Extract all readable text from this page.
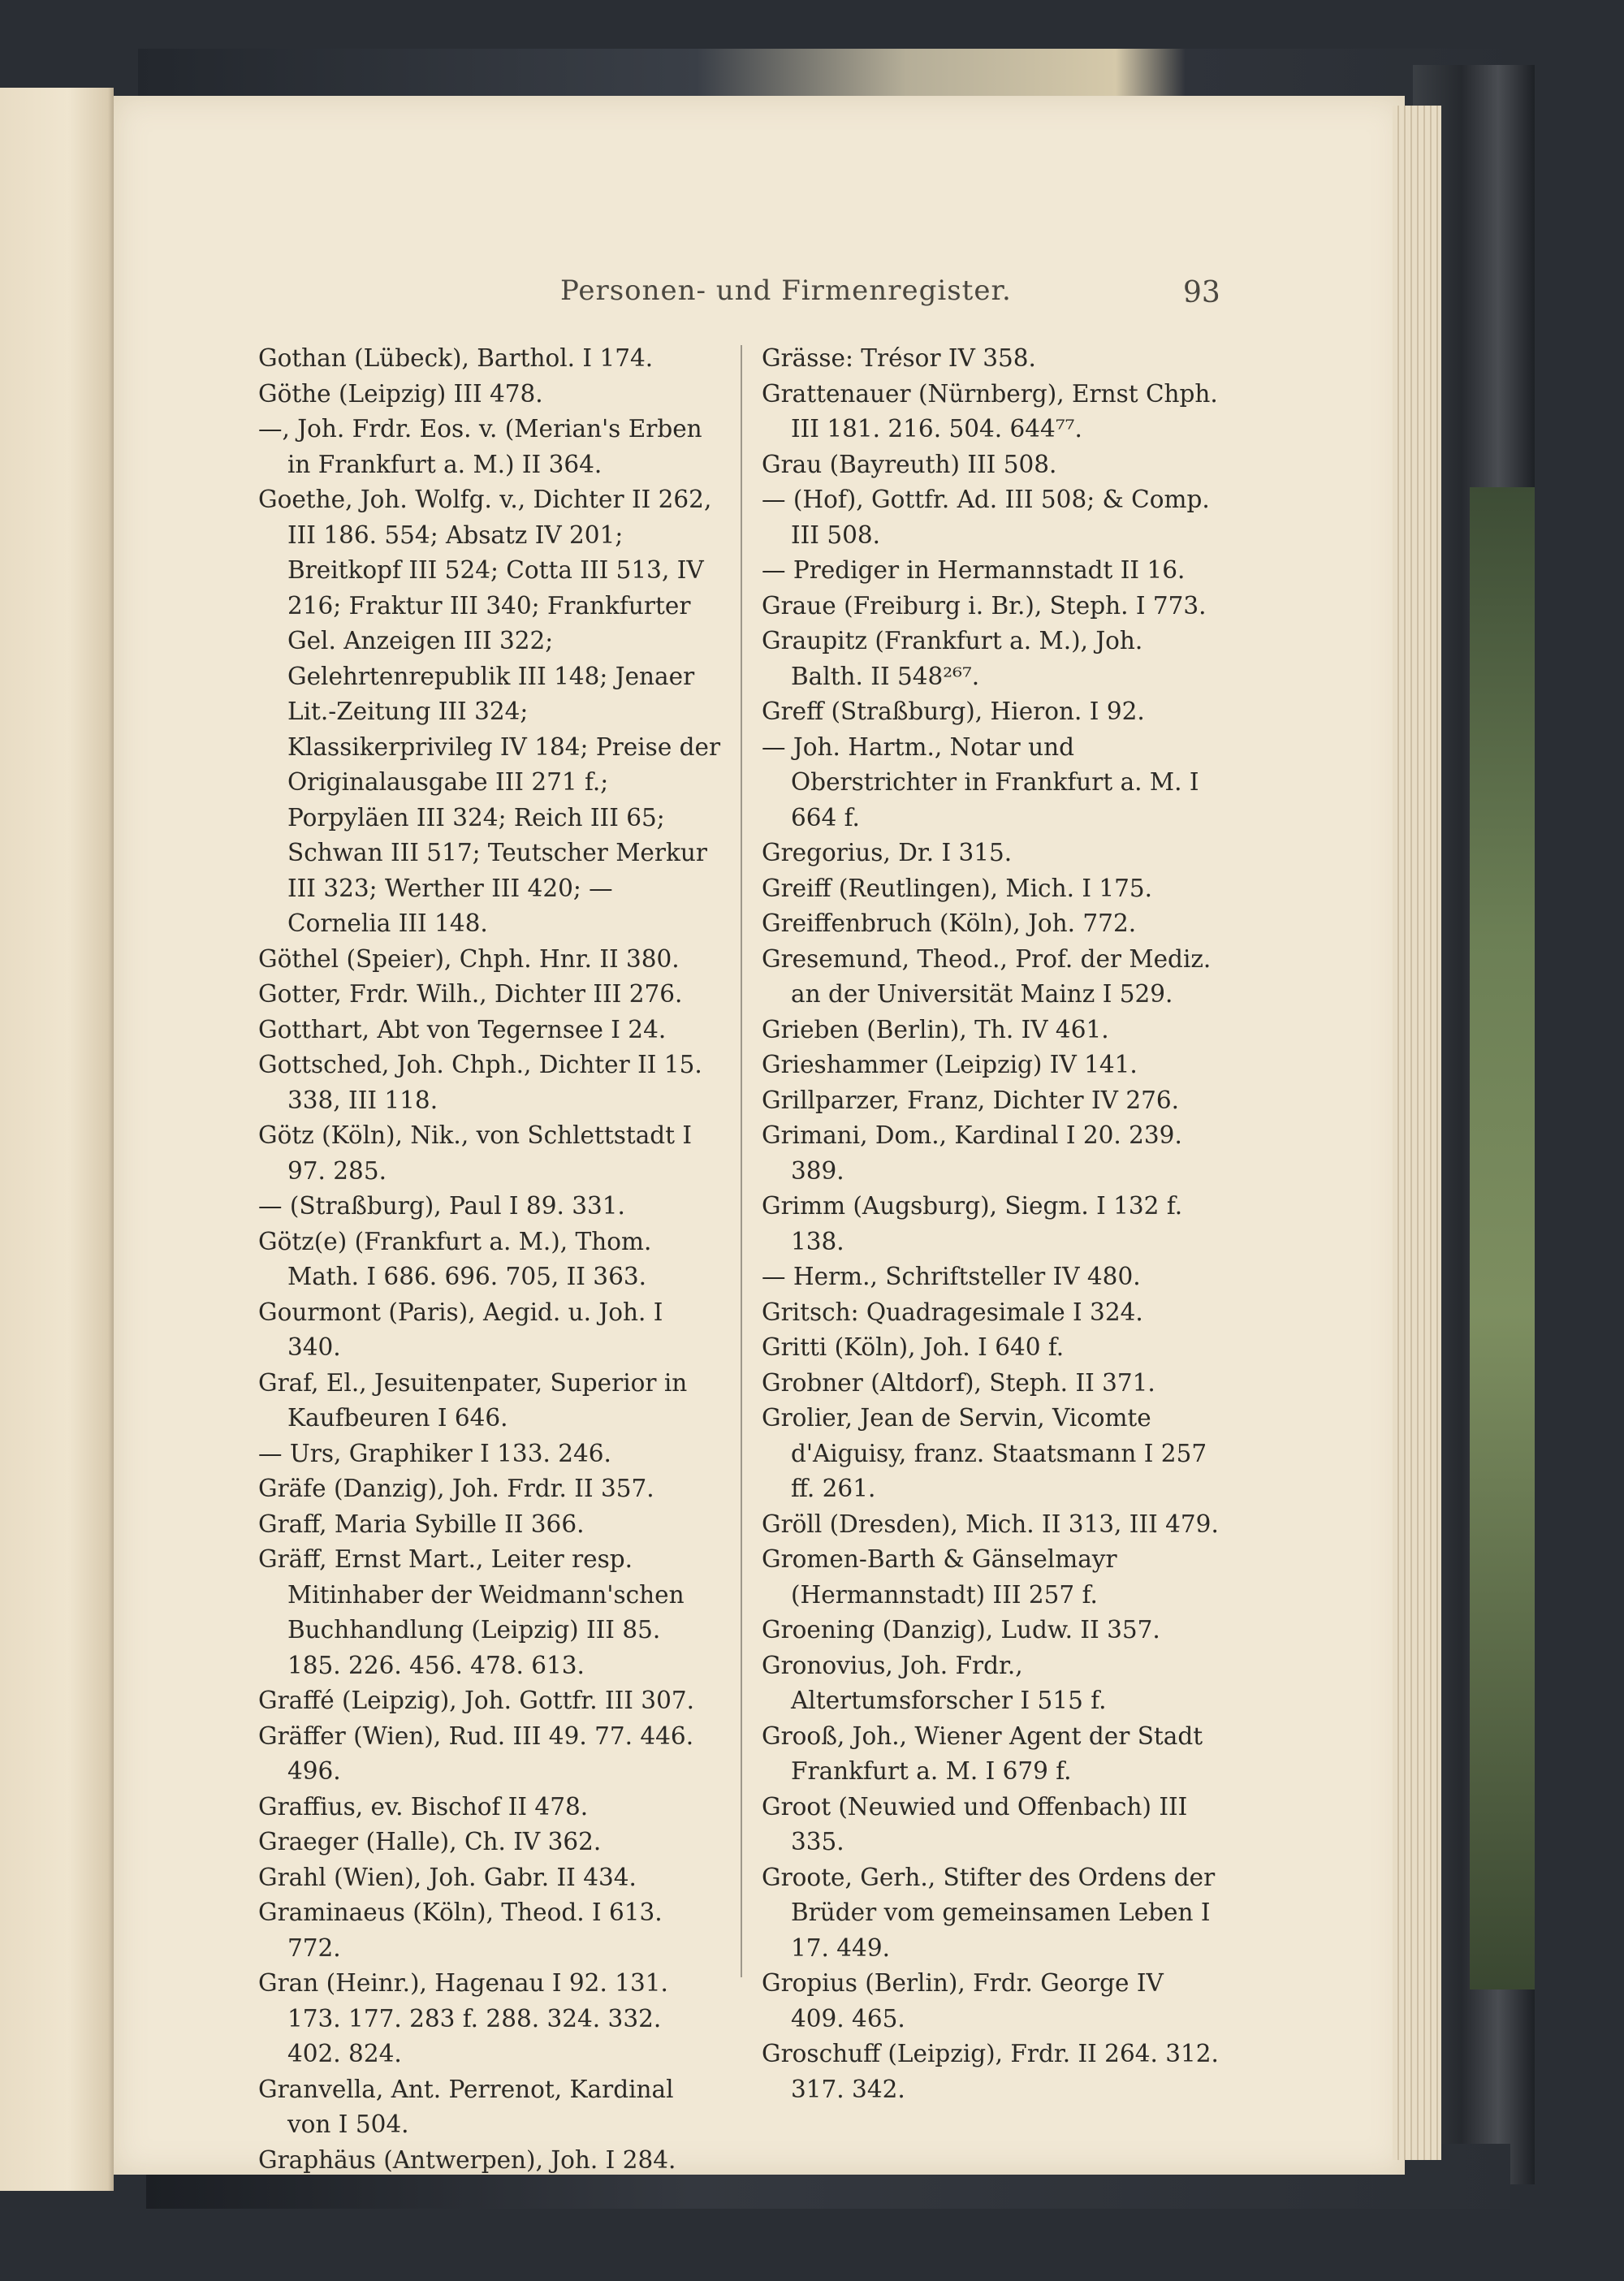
Personen- und Firmenregister.	93

Gothan (Lübeck), Barthol. I 174.

Göthe (Leipzig) III 478.

—, Joh. Frdr. Eos. v. (Merian's Erben in Frankfurt a. M.) II 364.

Goethe, Joh. Wolfg. v., Dichter II 262, III 186. 554; Absatz IV 201; Breitkopf III 524; Cotta III 513, IV 216; Fraktur III 340; Frankfurter Gel. Anzeigen III 322; Gelehrtenrepublik III 148; Jenaer Lit.-Zeitung III 324; Klassikerprivileg IV 184; Preise der Originalausgabe III 271 f.; Porpyläen III 324; Reich III 65; Schwan III 517; Teutscher Merkur III 323; Werther III 420; — Cornelia III 148.

Göthel (Speier), Chph. Hnr. II 380.

Gotter, Frdr. Wilh., Dichter III 276.

Gotthart, Abt von Tegernsee I 24.

Gottsched, Joh. Chph., Dichter II 15. 338, III 118.

Götz (Köln), Nik., von Schlettstadt I 97. 285.

— (Straßburg), Paul I 89. 331.

Götz(e) (Frankfurt a. M.), Thom. Math. I 686. 696. 705, II 363.

Gourmont (Paris), Aegid. u. Joh. I 340.

Graf, El., Jesuitenpater, Superior in Kaufbeuren I 646.

— Urs, Graphiker I 133. 246.

Gräfe (Danzig), Joh. Frdr. II 357.

Graff, Maria Sybille II 366.

Gräff, Ernst Mart., Leiter resp. Mitinhaber der Weidmann'schen Buchhandlung (Leipzig) III 85. 185. 226. 456. 478. 613.

Graffé (Leipzig), Joh. Gottfr. III 307.

Gräffer (Wien), Rud. III 49. 77. 446. 496.

Graffius, ev. Bischof II 478.

Graeger (Halle), Ch. IV 362.

Grahl (Wien), Joh. Gabr. II 434.

Graminaeus (Köln), Theod. I 613. 772.

Gran (Heinr.), Hagenau I 92. 131. 173. 177. 283 f. 288. 324. 332. 402. 824.

Granvella, Ant. Perrenot, Kardinal von I 504.

Graphäus (Antwerpen), Joh. I 284.

Grässe: Trésor IV 358.

Grattenauer (Nürnberg), Ernst Chph. III 181. 216. 504. 644⁷⁷.

Grau (Bayreuth) III 508.

— (Hof), Gottfr. Ad. III 508; & Comp. III 508.

— Prediger in Hermannstadt II 16.

Graue (Freiburg i. Br.), Steph. I 773.

Graupitz (Frankfurt a. M.), Joh. Balth. II 548²⁶⁷.

Greff (Straßburg), Hieron. I 92.

— Joh. Hartm., Notar und Oberstrichter in Frankfurt a. M. I 664 f.

Gregorius, Dr. I 315.

Greiff (Reutlingen), Mich. I 175.

Greiffenbruch (Köln), Joh. 772.

Gresemund, Theod., Prof. der Mediz. an der Universität Mainz I 529.

Grieben (Berlin), Th. IV 461.

Grieshammer (Leipzig) IV 141.

Grillparzer, Franz, Dichter IV 276.

Grimani, Dom., Kardinal I 20. 239. 389.

Grimm (Augsburg), Siegm. I 132 f. 138.

— Herm., Schriftsteller IV 480.

Gritsch: Quadragesimale I 324.

Gritti (Köln), Joh. I 640 f.

Grobner (Altdorf), Steph. II 371.

Grolier, Jean de Servin, Vicomte d'Aiguisy, franz. Staatsmann I 257 ff. 261.

Gröll (Dresden), Mich. II 313, III 479.

Gromen-Barth & Gänselmayr (Hermannstadt) III 257 f.

Groening (Danzig), Ludw. II 357.

Gronovius, Joh. Frdr., Altertumsforscher I 515 f.

Grooß, Joh., Wiener Agent der Stadt Frankfurt a. M. I 679 f.

Groot (Neuwied und Offenbach) III 335.

Groote, Gerh., Stifter des Ordens der Brüder vom gemeinsamen Leben I 17. 449.

Gropius (Berlin), Frdr. George IV 409. 465.

Groschuff (Leipzig), Frdr. II 264. 312. 317. 342.
